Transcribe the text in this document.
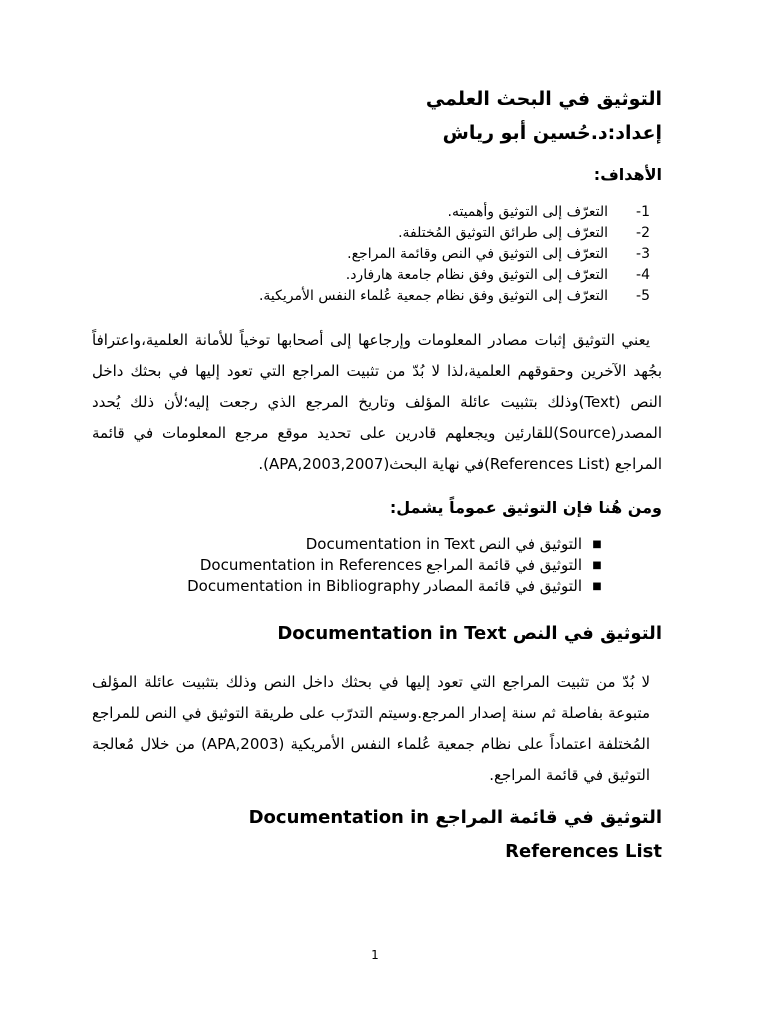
التوثيق في البحث العلمي

إعداد:د.حُسين أبو رياش

الأهداف:

-1
التعرّف إلى التوثيق وأهميته.
-2
التعرّف إلى طرائق التوثيق المُختلفة.
-3
التعرّف إلى التوثيق في النص وقائمة المراجع.
-4
التعرّف إلى التوثيق وفق نظام جامعة هارفارد.
-5
التعرّف إلى التوثيق وفق نظام جمعية عُلماء النفس الأمريكية.

يعني التوثيق إثبات مصادر المعلومات وإرجاعها إلى أصحابها توخياً للأمانة العلمية،واعترافاً بجُهد الآخرين وحقوقهم العلمية،لذا لا بُدّ من تثبيت المراجع التي تعود إليها في بحثك داخل النص (Text)وذلك بتثبيت عائلة المؤلف وتاريخ المرجع الذي رجعت إليه؛لأن ذلك يُحدد المصدر(Source)للقارئين ويجعلهم قادرين على تحديد موقع مرجع المعلومات في قائمة المراجع (References List)في نهاية البحث(APA,2003,2007).

ومن هُنا فإن التوثيق عموماً يشمل:

■
التوثيق في النص
Documentation in Text
■
التوثيق في قائمة المراجع
Documentation in References
■
التوثيق في قائمة المصادر
Documentation in Bibliography

التوثيق في النص Documentation in Text

لا بُدّ من تثبيت المراجع التي تعود إليها في بحثك داخل النص وذلك بتثبيت عائلة المؤلف متبوعة بفاصلة ثم سنة إصدار المرجع.وسيتم التدرّب على طريقة التوثيق في النص للمراجع المُختلفة اعتماداً على نظام جمعية عُلماء النفس الأمريكية (APA,2003) من خلال مُعالجة التوثيق في قائمة المراجع.

التوثيق في قائمة المراجع Documentation in

References List

1
